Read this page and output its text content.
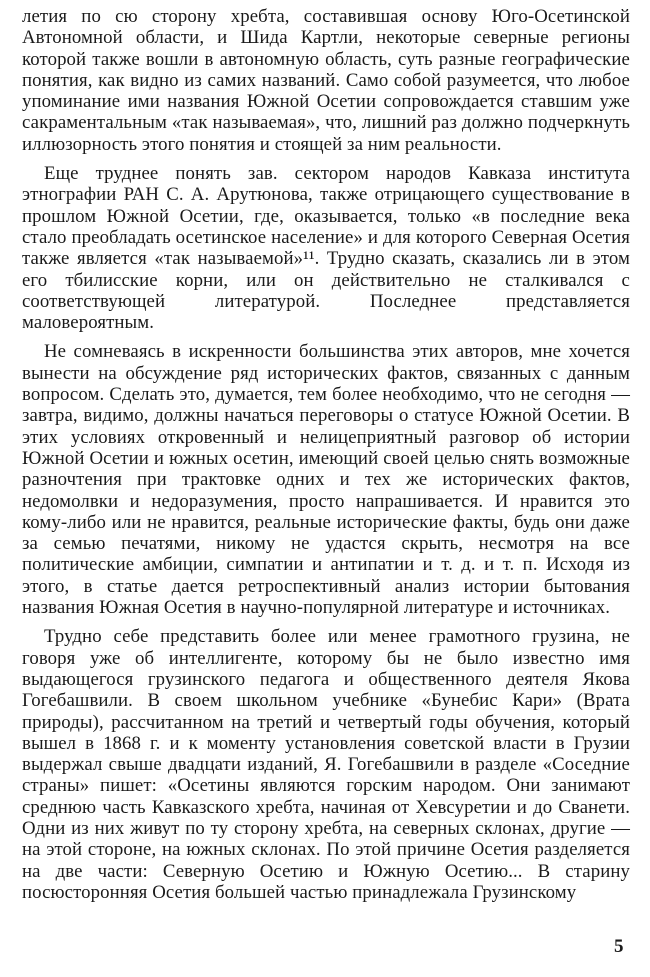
летия по сю сторону хребта, составившая основу Юго-Осетинской Автономной области, и Шида Картли, некоторые северные регионы которой также вошли в автономную область, суть разные географические понятия, как видно из самих названий. Само собой разумеется, что любое упоминание ими названия Южной Осетии сопровождается ставшим уже сакраментальным «так называемая», что, лишний раз должно подчеркнуть иллюзорность этого понятия и стоящей за ним реальности.

Еще труднее понять зав. сектором народов Кавказа института этнографии РАН С. А. Арутюнова, также отрицающего существование в прошлом Южной Осетии, где, оказывается, только «в последние века стало преобладать осетинское население» и для которого Северная Осетия также является «так называемой»¹¹. Трудно сказать, сказались ли в этом его тбилисские корни, или он действительно не сталкивался с соответствующей литературой. Последнее представляется маловероятным.

Не сомневаясь в искренности большинства этих авторов, мне хочется вынести на обсуждение ряд исторических фактов, связанных с данным вопросом. Сделать это, думается, тем более необходимо, что не сегодня — завтра, видимо, должны начаться переговоры о статусе Южной Осетии. В этих условиях откровенный и нелицеприятный разговор об истории Южной Осетии и южных осетин, имеющий своей целью снять возможные разночтения при трактовке одних и тех же исторических фактов, недомолвки и недоразумения, просто напрашивается. И нравится это кому-либо или не нравится, реальные исторические факты, будь они даже за семью печатями, никому не удастся скрыть, несмотря на все политические амбиции, симпатии и антипатии и т. д. и т. п. Исходя из этого, в статье дается ретроспективный анализ истории бытования названия Южная Осетия в научно-популярной литературе и источниках.

Трудно себе представить более или менее грамотного грузина, не говоря уже об интеллигенте, которому бы не было известно имя выдающегося грузинского педагога и общественного деятеля Якова Гогебашвили. В своем школьном учебнике «Бунебис Кари» (Врата природы), рассчитанном на третий и четвертый годы обучения, который вышел в 1868 г. и к моменту установления советской власти в Грузии выдержал свыше двадцати изданий, Я. Гогебашвили в разделе «Соседние страны» пишет: «Осетины являются горским народом. Они занимают среднюю часть Кавказского хребта, начиная от Хевсуретии и до Сванети. Одни из них живут по ту сторону хребта, на северных склонах, другие — на этой стороне, на южных склонах. По этой причине Осетия разделяется на две части: Северную Осетию и Южную Осетию... В старину посюсторонняя Осетия большей частью принадлежала Грузинскому

5
